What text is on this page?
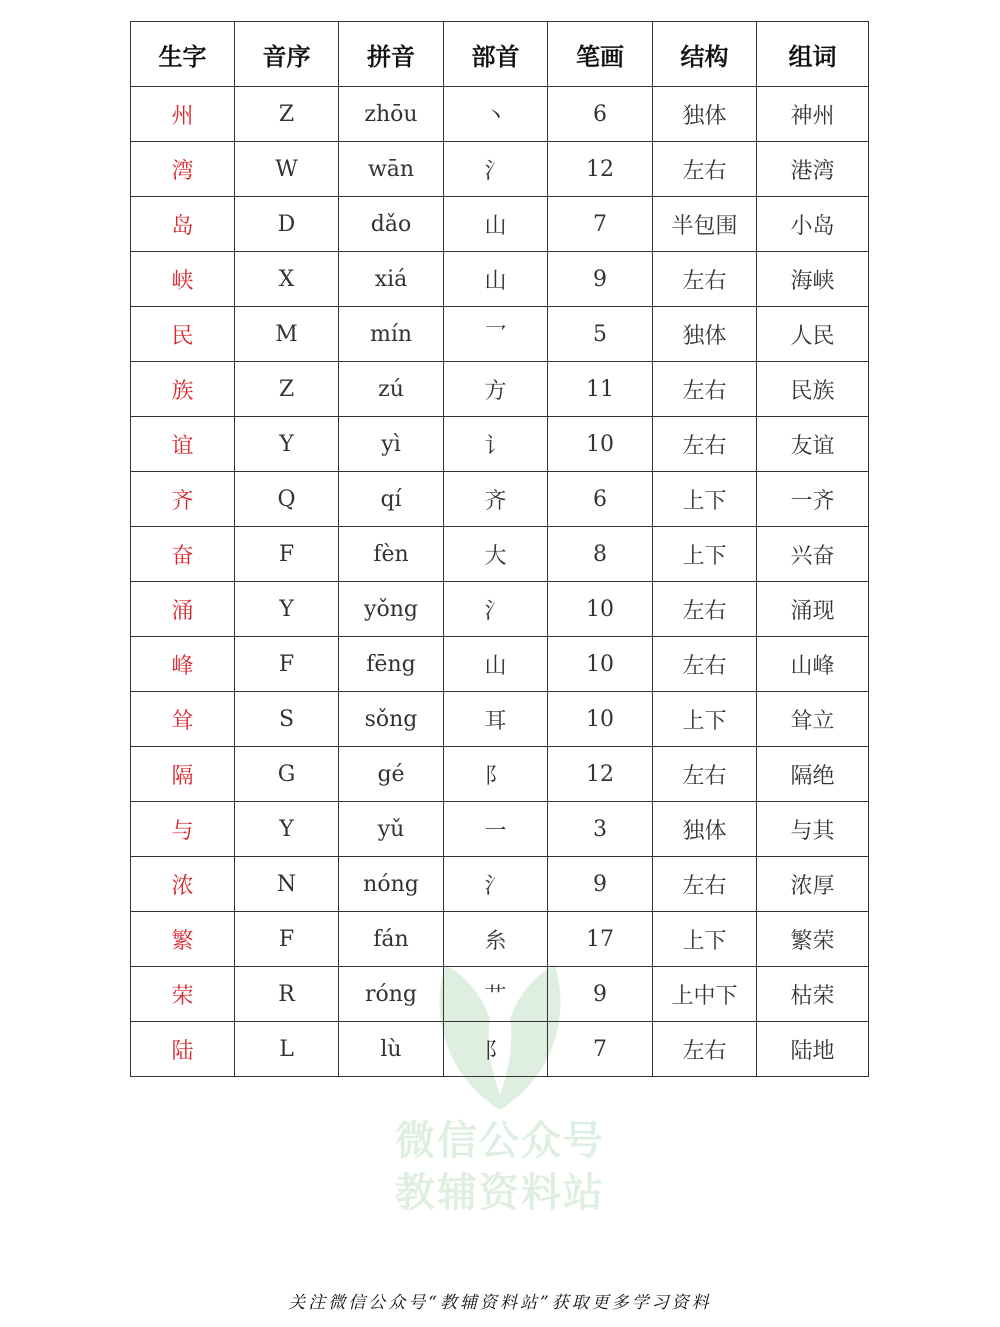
微信公众号
教辅资料站
生字	音序	拼音	部首	笔画	结构	组词
州	Z	zhōu	丶	6	独体	神州
湾	W	wān	氵	12	左右	港湾
岛	D	dǎo	山	7	半包围	小岛
峡	X	xiá	山	9	左右	海峡
民	M	mín	乛	5	独体	人民
族	Z	zú	方	11	左右	民族
谊	Y	yì	讠	10	左右	友谊
齐	Q	qí	齐	6	上下	一齐
奋	F	fèn	大	8	上下	兴奋
涌	Y	yǒng	氵	10	左右	涌现
峰	F	fēng	山	10	左右	山峰
耸	S	sǒng	耳	10	上下	耸立
隔	G	gé	阝	12	左右	隔绝
与	Y	yǔ	一	3	独体	与其
浓	N	nóng	氵	9	左右	浓厚
繁	F	fán	糸	17	上下	繁荣
荣	R	róng	艹	9	上中下	枯荣
陆	L	lù	阝	7	左右	陆地
关注微信公众号“教辅资料站”获取更多学习资料
